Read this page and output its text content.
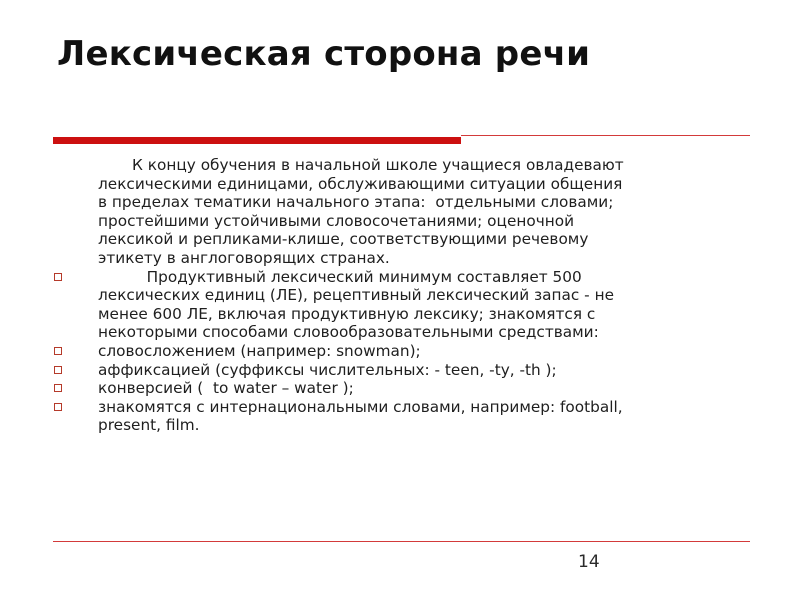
Лексическая сторона речи
К концу обучения в начальной школе учащиеся овладевают
лексическими единицами, обслуживающими ситуации общения
в пределах тематики начального этапа:  отдельными словами;
простейшими устойчивыми словосочетаниями; оценочной
лексикой и репликами-клише, соответствующими речевому
этикету в англоговорящих странах.
Продуктивный лексический минимум составляет 500
лексических единиц (ЛЕ), рецептивный лексический запас - не
менее 600 ЛЕ, включая продуктивную лексику; знакомятся с
некоторыми способами словообразовательными средствами:
словосложением (например: snowman);
аффиксацией (суффиксы числительных: - teen, -ty, -th );
конверсией (  to water – water );
знакомятся с интернациональными словами, например: football,
present, film.
14
